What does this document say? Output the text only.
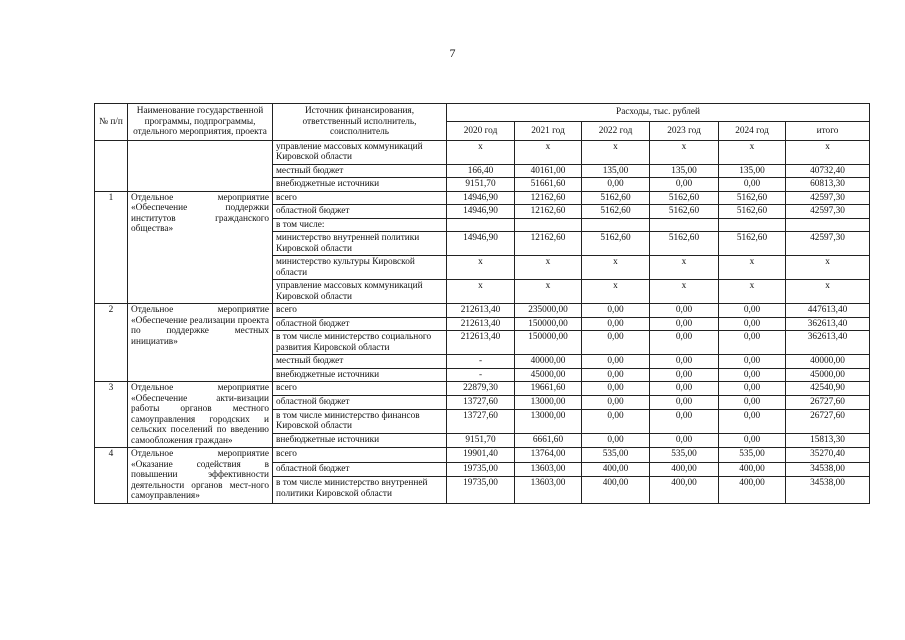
7
№ п/п	Наименование государственной программы, подпрограммы, отдельного мероприятия, проекта	Источник финансирования, ответственный исполнитель, соисполнитель	Расходы, тыс. рублей					
			2020 год	2021 год	2022 год	2023 год	2024 год	итого
		управление массовых коммуникаций Кировской области	х	х	х	х	х	х
		местный бюджет	166,40	40161,00	135,00	135,00	135,00	40732,40
		внебюджетные источники	9151,70	51661,60	0,00	0,00	0,00	60813,30
1	Отдельное мероприятие «Обеспечение поддержки институтов гражданского общества»	всего	14946,90	12162,60	5162,60	5162,60	5162,60	42597,30
		областной бюджет	14946,90	12162,60	5162,60	5162,60	5162,60	42597,30
		в том числе:						
		министерство внутренней политики Кировской области	14946,90	12162,60	5162,60	5162,60	5162,60	42597,30
		министерство культуры Кировской области	х	х	х	х	х	х
		управление массовых коммуникаций Кировской области	х	х	х	х	х	х
2	Отдельное мероприятие «Обеспечение реализации проекта по поддержке местных инициатив»	всего	212613,40	235000,00	0,00	0,00	0,00	447613,40
		областной бюджет	212613,40	150000,00	0,00	0,00	0,00	362613,40
		в том числе министерство социального развития Кировской области	212613,40	150000,00	0,00	0,00	0,00	362613,40
		местный бюджет	-	40000,00	0,00	0,00	0,00	40000,00
		внебюджетные источники	-	45000,00	0,00	0,00	0,00	45000,00
3	Отдельное мероприятие «Обеспечение акти-визации работы органов местного самоуправления городских и сельских поселений по введению самообложения граждан»	всего	22879,30	19661,60	0,00	0,00	0,00	42540,90
		областной бюджет	13727,60	13000,00	0,00	0,00	0,00	26727,60
		в том числе министерство финансов Кировской области	13727,60	13000,00	0,00	0,00	0,00	26727,60
		внебюджетные источники	9151,70	6661,60	0,00	0,00	0,00	15813,30
4	Отдельное мероприятие «Оказание содействия в повышении эффективности деятельности органов мест-ного самоуправления»	всего	19901,40	13764,00	535,00	535,00	535,00	35270,40
		областной бюджет	19735,00	13603,00	400,00	400,00	400,00	34538,00
		в том числе министерство внутренней политики Кировской области	19735,00	13603,00	400,00	400,00	400,00	34538,00
